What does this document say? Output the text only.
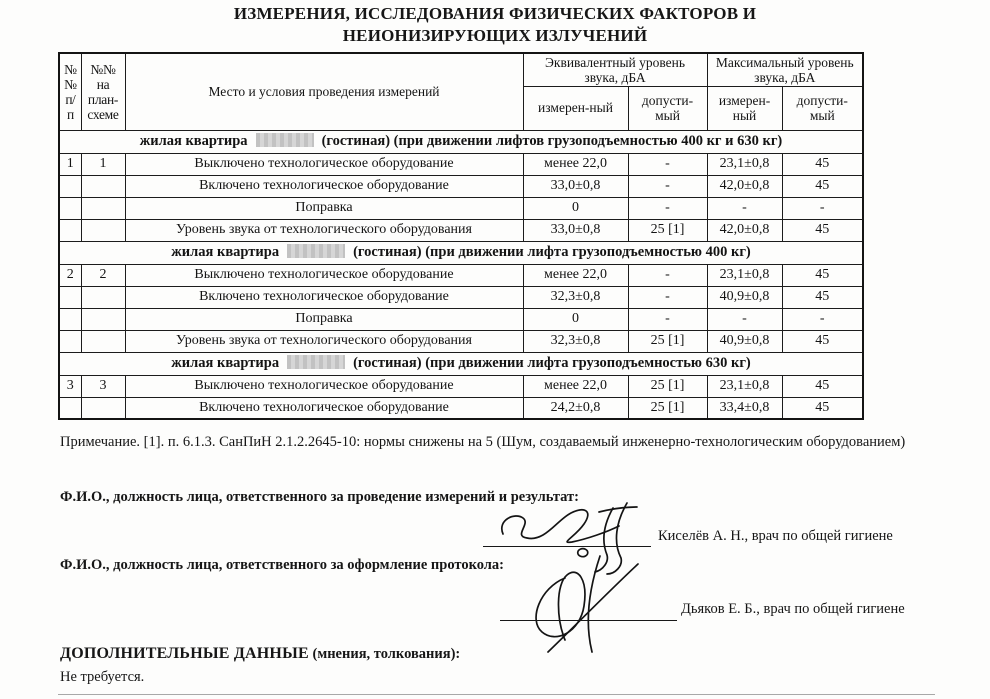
ИЗМЕРЕНИЯ, ИССЛЕДОВАНИЯ ФИЗИЧЕСКИХ ФАКТОРОВ И
НЕИОНИЗИРУЮЩИХ ИЗЛУЧЕНИЙ
№№ п/п	№№ на план- схеме	Место и условия проведения измерений	Эквивалентный уровень звука, дБА		Максимальный уровень звука, дБА	
			измерен-ный	допусти-мый	измерен-ный	допусти-мый
жилая квартира (гостиная) (при движении лифтов грузоподъемностью 400 кг и 630 кг)						
1	1	Выключено технологическое оборудование	менее 22,0	-	23,1±0,8	45
		Включено технологическое оборудование	33,0±0,8	-	42,0±0,8	45
		Поправка	0	-	-	-
		Уровень звука от технологического оборудования	33,0±0,8	25 [1]	42,0±0,8	45
жилая квартира (гостиная) (при движении лифта грузоподъемностью 400 кг)						
2	2	Выключено технологическое оборудование	менее 22,0	-	23,1±0,8	45
		Включено технологическое оборудование	32,3±0,8	-	40,9±0,8	45
		Поправка	0	-	-	-
		Уровень звука от технологического оборудования	32,3±0,8	25 [1]	40,9±0,8	45
жилая квартира (гостиная) (при движении лифта грузоподъемностью 630 кг)						
3	3	Выключено технологическое оборудование	менее 22,0	25 [1]	23,1±0,8	45
		Включено технологическое оборудование	24,2±0,8	25 [1]	33,4±0,8	45
Примечание. [1]. п. 6.1.3. СанПиН 2.1.2.2645-10: нормы снижены на 5 (Шум, создаваемый инженерно-технологическим оборудованием)
Ф.И.О., должность лица, ответственного за проведение измерений и результат:
Киселёв А. Н., врач по общей гигиене
Ф.И.О., должность лица, ответственного за оформление протокола:
Дьяков Е. Б., врач по общей гигиене
ДОПОЛНИТЕЛЬНЫЕ ДАННЫЕ (мнения, толкования):
Не требуется.
